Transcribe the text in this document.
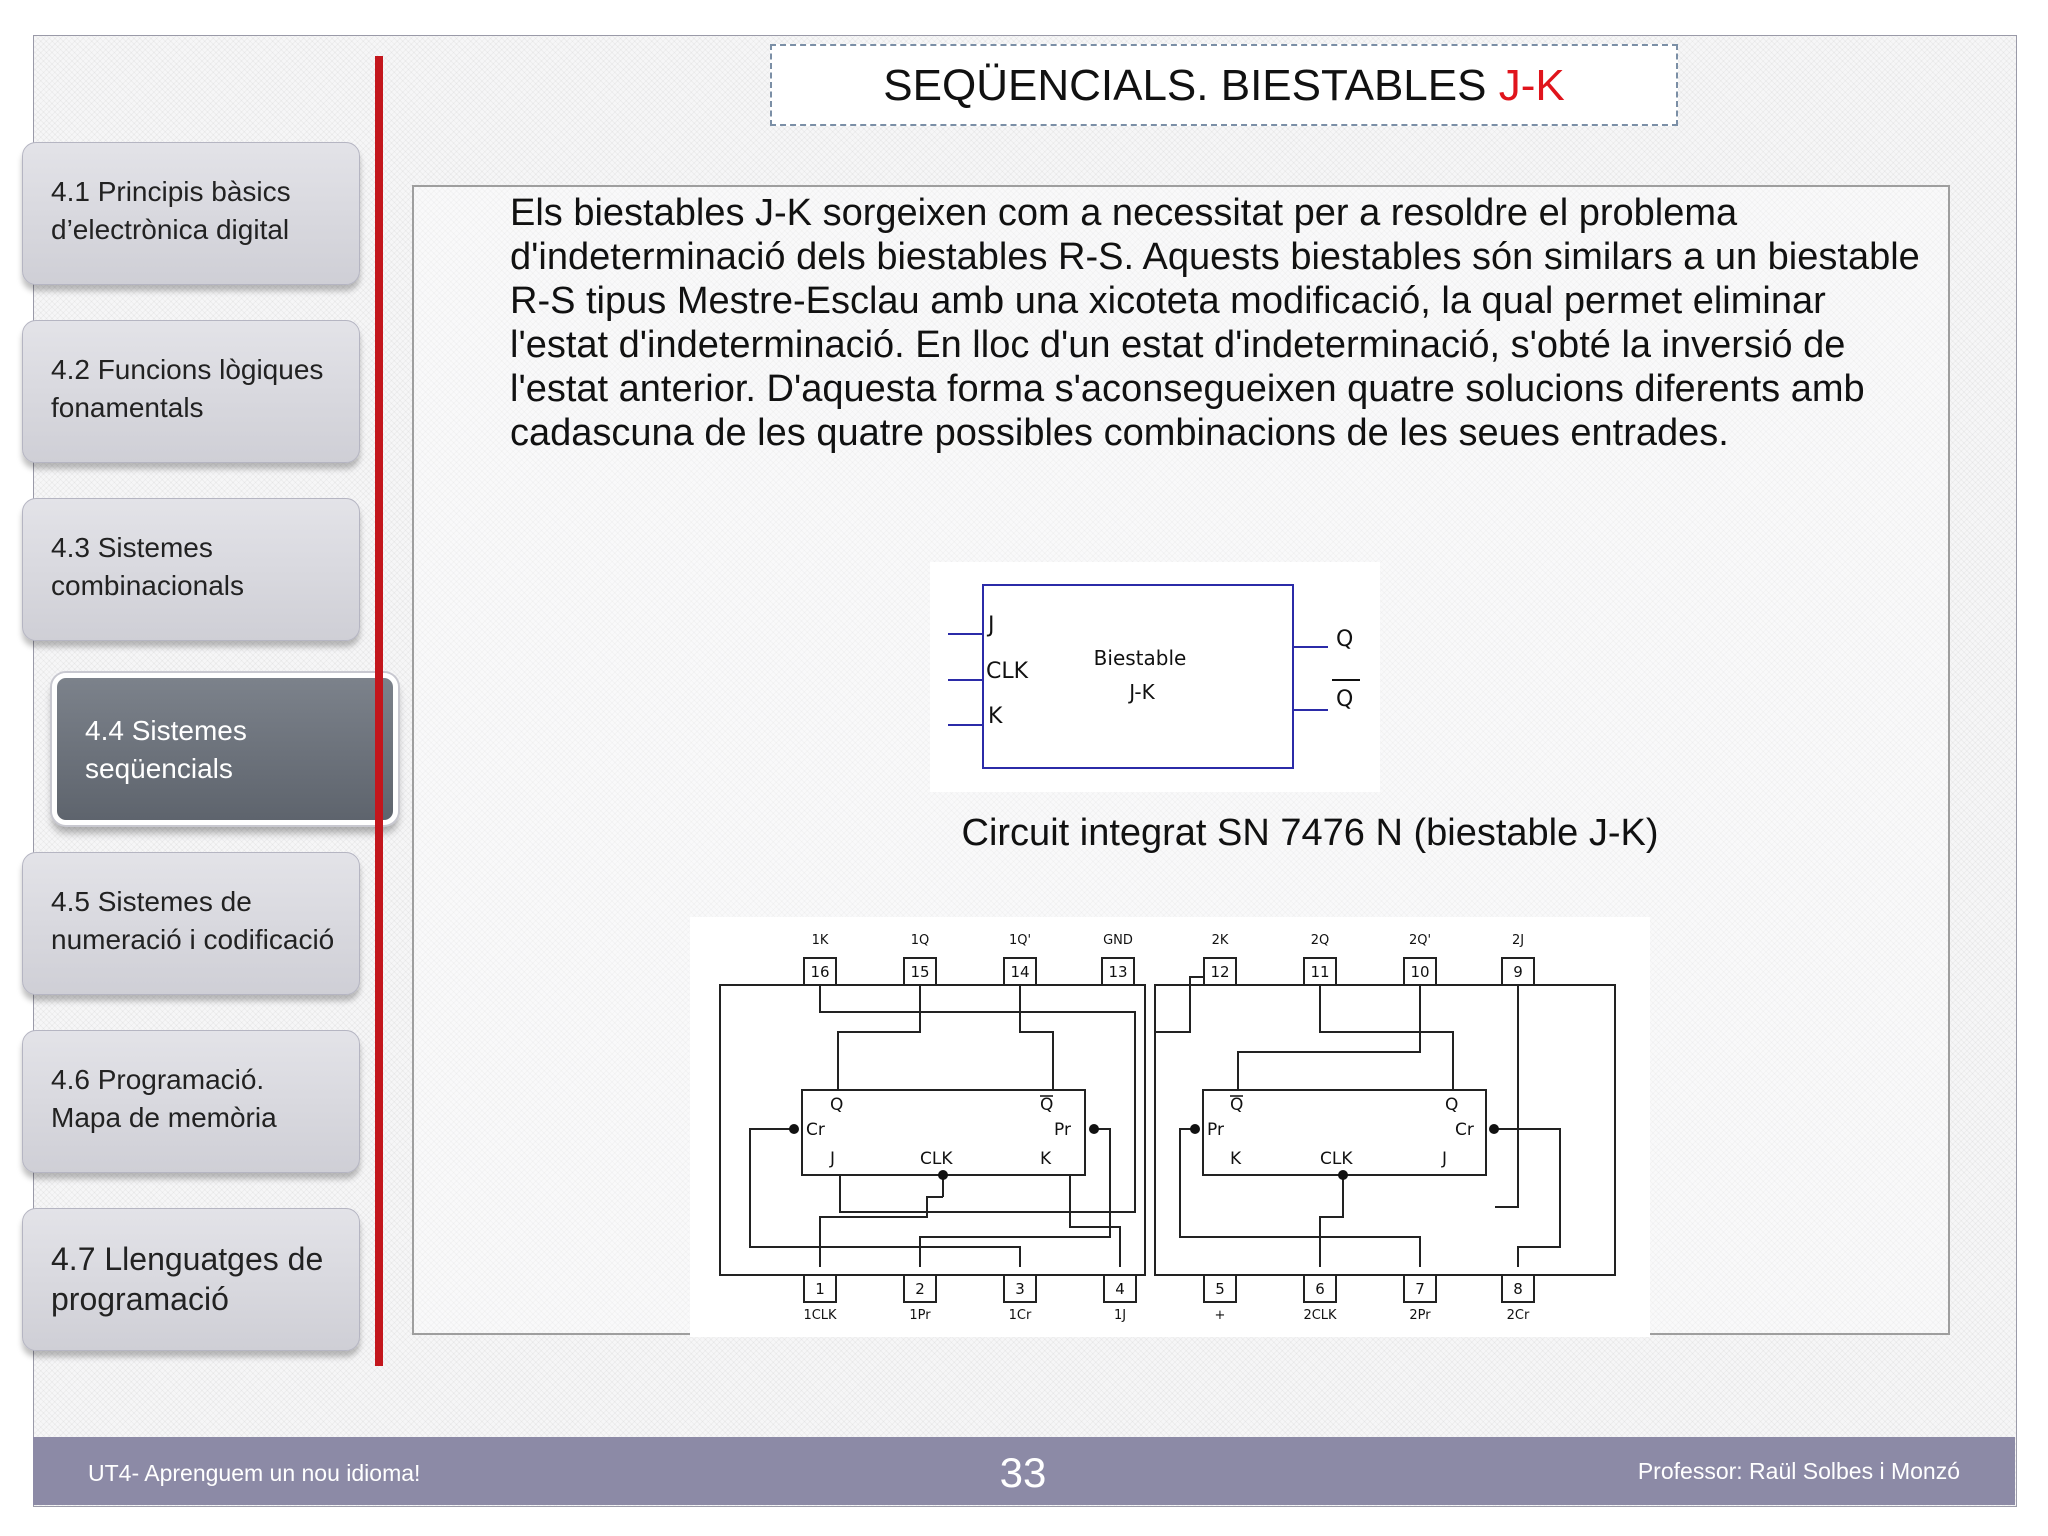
4.1 Principis bàsics d’electrònica digital
4.2 Funcions lògiques fonamentals
4.3 Sistemes combinacionals
4.4 Sistemes seqüencials
4.5 Sistemes de numeració i codificació
4.6 Programació. Mapa de memòria
4.7 Llenguatges de programació
SEQÜENCIALS. BIESTABLES J-K

Els biestables J-K sorgeixen com a necessitat per a resoldre el problema d'indeterminació dels biestables R-S. Aquests biestables són similars a un biestable R-S tipus Mestre-Esclau amb una xicoteta modificació, la qual permet eliminar l'estat d'indeterminació. En lloc d'un estat d'indeterminació, s'obté la inversió de l'estat anterior. D'aquesta forma s'aconsegueixen quatre solucions diferents amb cadascuna de les quatre possibles combinacions de les seues entrades.

J
CLK
K
Biestable
J-K
Q
Q
Circuit integrat SN 7476 N (biestable J-K)
1K
16
1Q
15
1Q'
14
GND
13
2K
12
2Q
11
2Q'
10
2J
9
1
1CLK
2
1Pr
3
1Cr
4
1J
5
+
6
2CLK
7
2Pr
8
2Cr
Q	Q
Cr	Pr
J	CLK	K
Q	Q
Pr	Cr
K	CLK	J
UT4- Aprenguem un nou idioma!	33	Professor: Raül Solbes i Monzó
